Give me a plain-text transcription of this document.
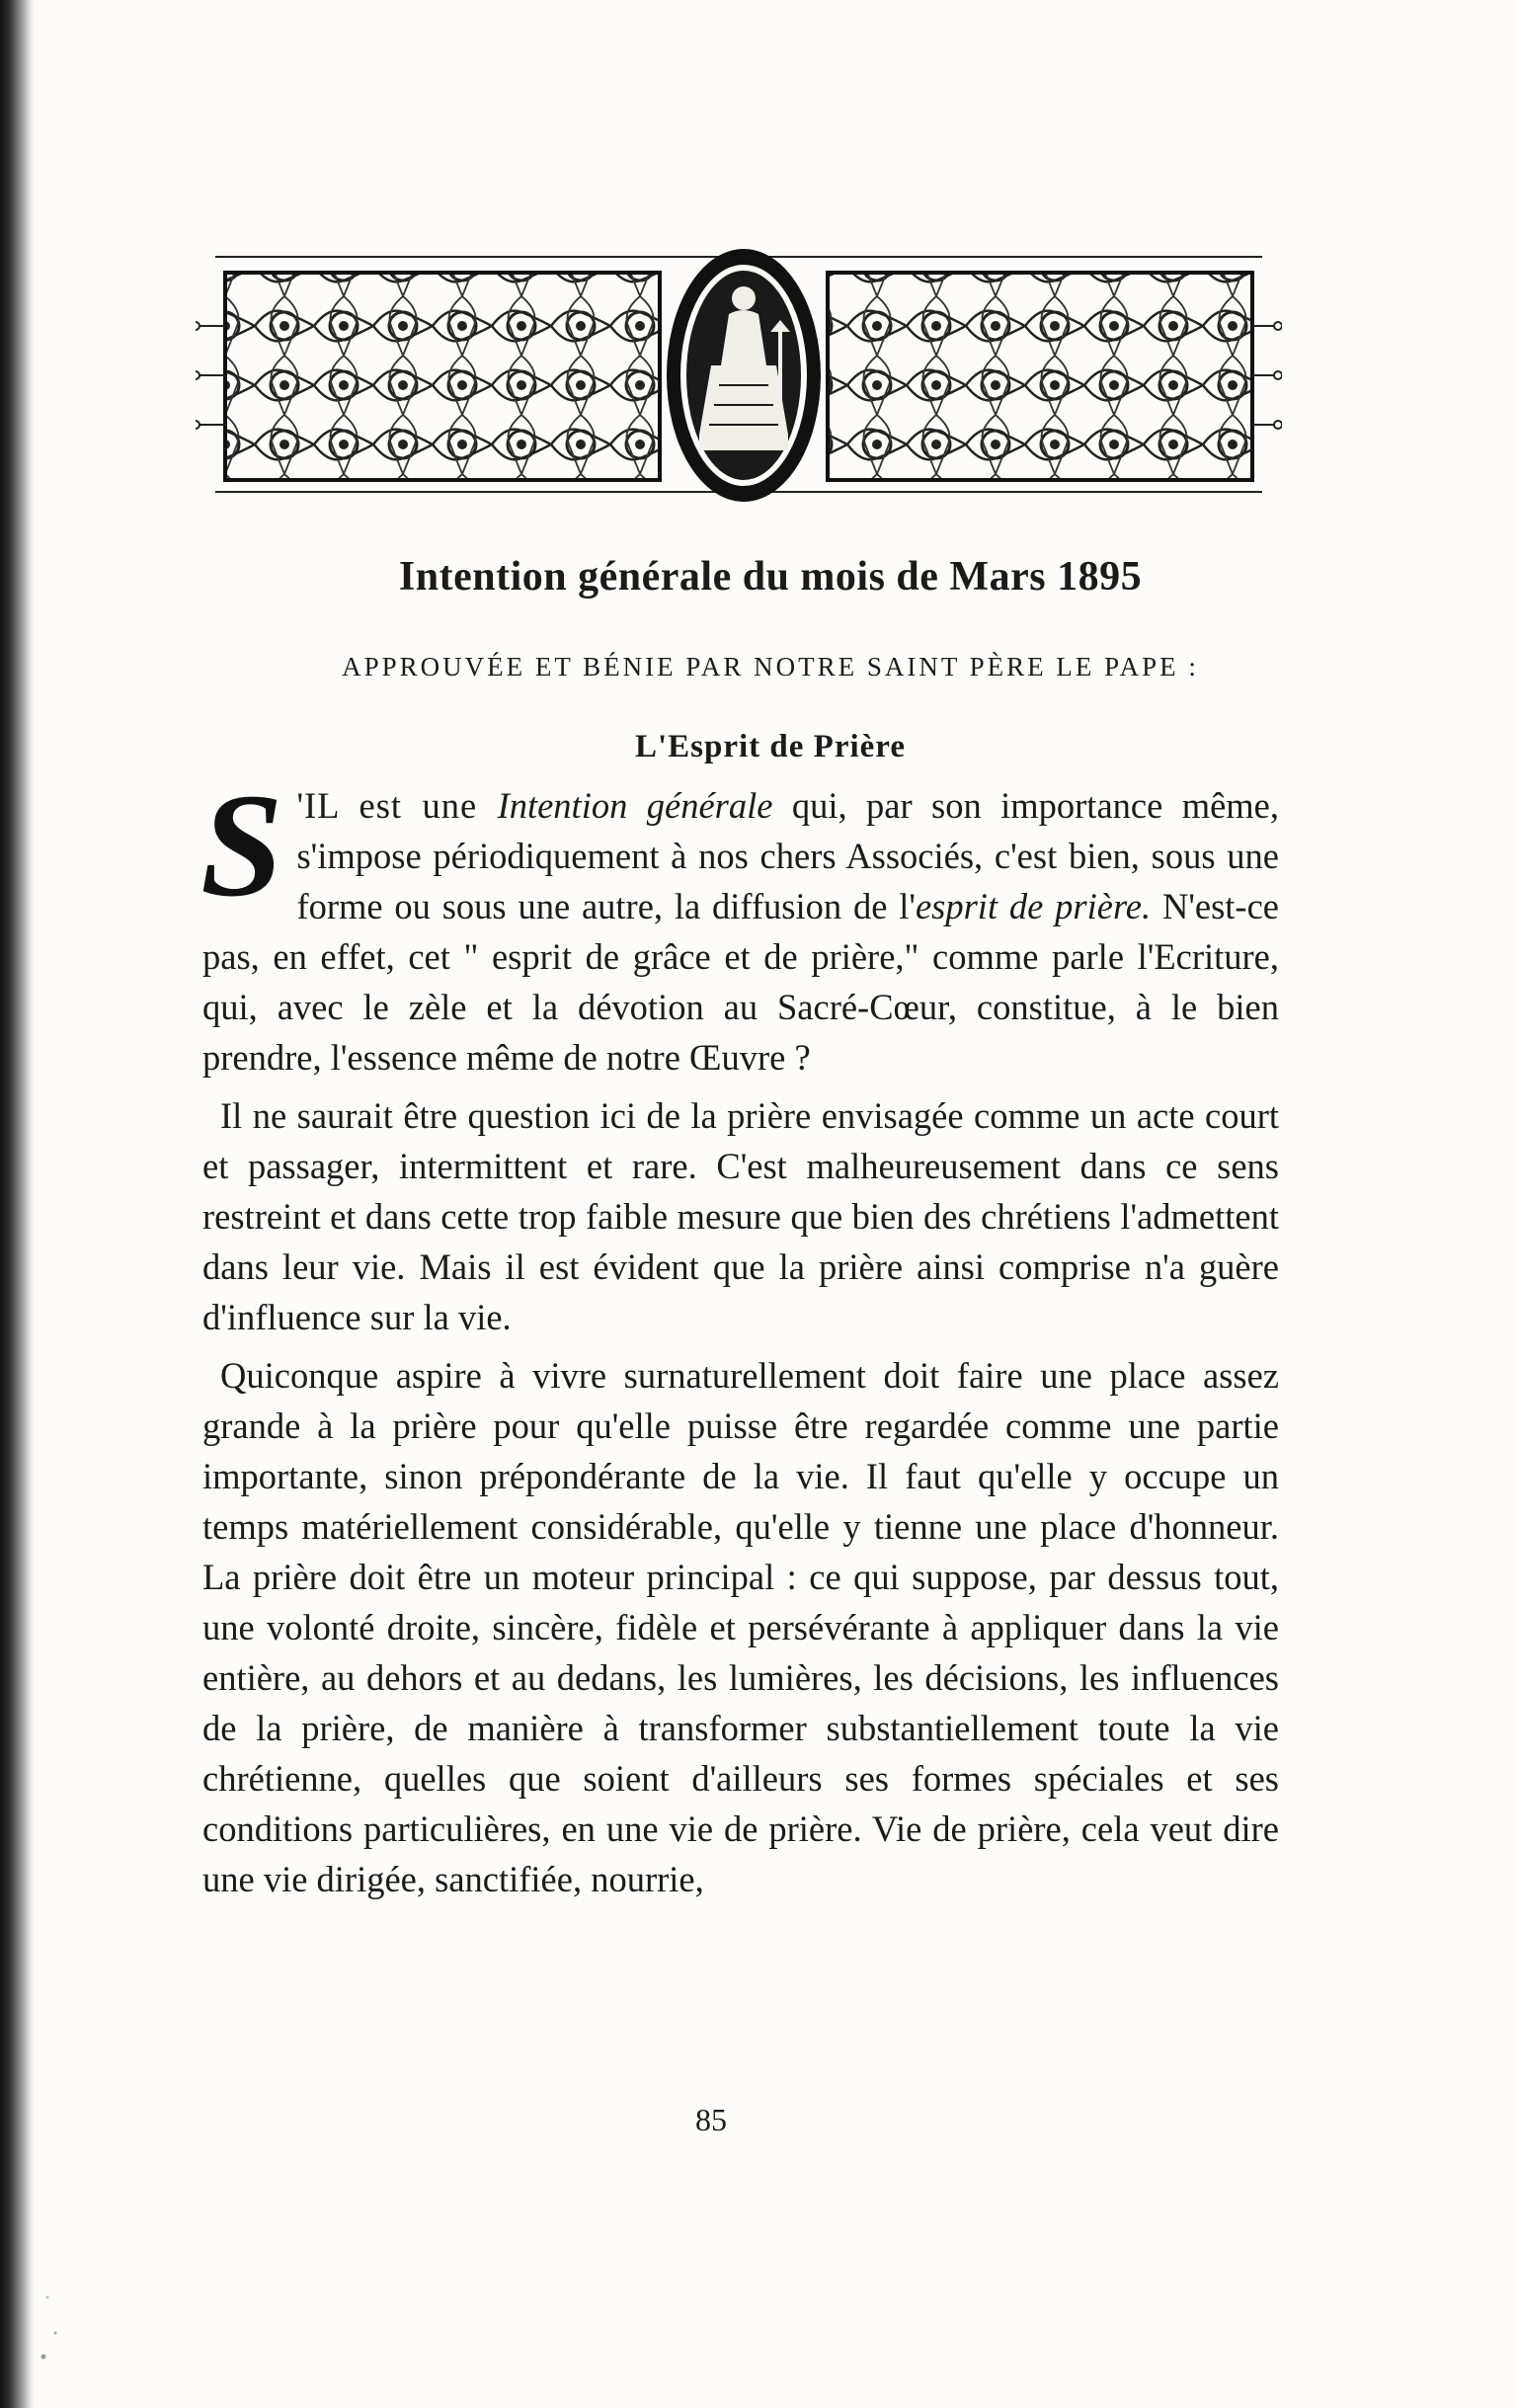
Intention générale du mois de Mars 1895
APPROUVÉE ET BÉNIE PAR NOTRE SAINT PÈRE LE PAPE :
L'Esprit de Prière

S 'IL est une Intention générale qui, par son importance même, s'impose périodiquement à nos chers Associés, c'est bien, sous une forme ou sous une autre, la diffusion de l'esprit de prière. N'est-ce pas, en effet, cet " esprit de grâce et de prière," comme parle l'Ecriture, qui, avec le zèle et la dévotion au Sacré-Cœur, constitue, à le bien prendre, l'essence même de notre Œuvre ?

Il ne saurait être question ici de la prière envisagée comme un acte court et passager, intermittent et rare. C'est malheureusement dans ce sens restreint et dans cette trop faible mesure que bien des chrétiens l'admettent dans leur vie. Mais il est évident que la prière ainsi comprise n'a guère d'influence sur la vie.

Quiconque aspire à vivre surnaturellement doit faire une place assez grande à la prière pour qu'elle puisse être regardée comme une partie importante, sinon prépondérante de la vie. Il faut qu'elle y occupe un temps matériellement considérable, qu'elle y tienne une place d'honneur. La prière doit être un moteur principal : ce qui suppose, par dessus tout, une volonté droite, sincère, fidèle et persévérante à appliquer dans la vie entière, au dehors et au dedans, les lumières, les décisions, les influences de la prière, de manière à transformer substantiellement toute la vie chrétienne, quelles que soient d'ailleurs ses formes spéciales et ses conditions particulières, en une vie de prière. Vie de prière, cela veut dire une vie dirigée, sanctifiée, nourrie,

85
